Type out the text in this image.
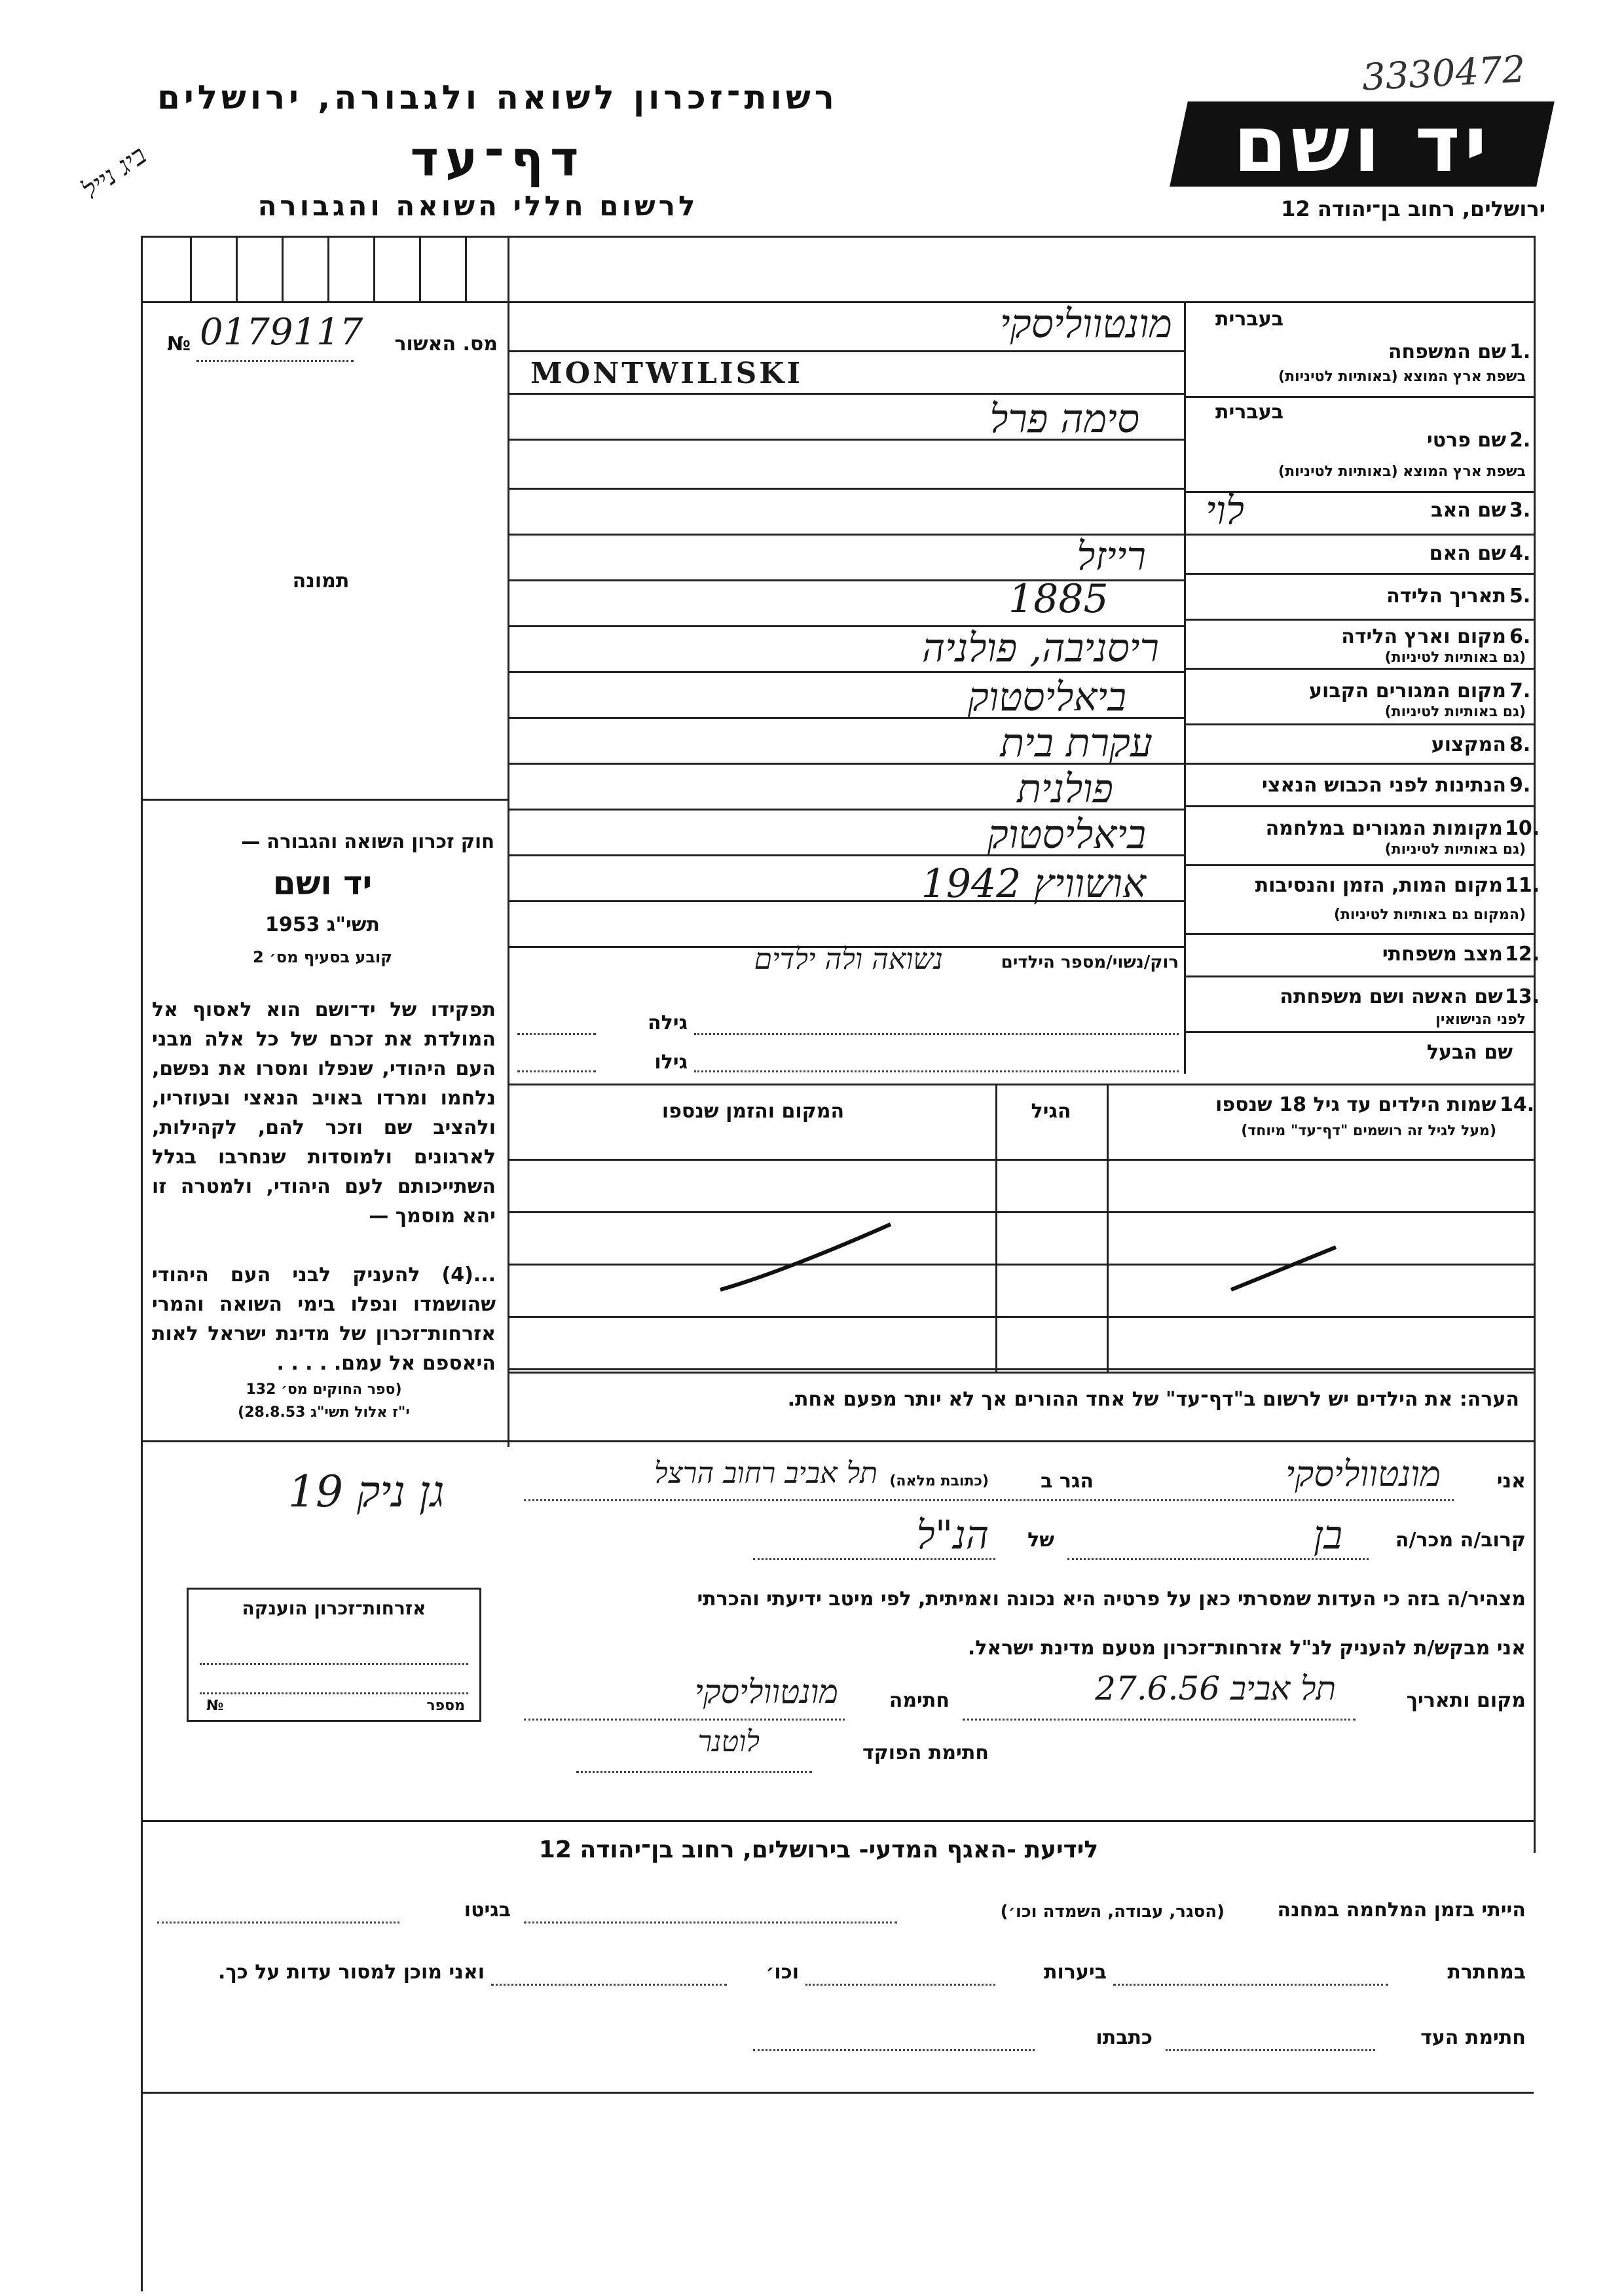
3330472
ביג נייל
רשות־זכרון לשואה ולגבורה, ירושלים
דף־עד
לרשום חללי השואה והגבורה
יד ושם
ירושלים, רחוב בן־יהודה 12
מס. האשור
№ 0179117
תמונה
חוק זכרון השואה והגבורה —
יד ושם
תשי"ג 1953
קובע בסעיף מס׳ 2
תפקידו של יד־ושם הוא לאסוף אל המולדת את זכרם של כל אלה מבני העם היהודי, שנפלו ומסרו את נפשם, נלחמו ומרדו באויב הנאצי ובעוזריו, ולהציב שם וזכר להם, לקהילות, לארגונים ולמוסדות שנחרבו בגלל השתייכותם לעם היהודי, ולמטרה זו יהא מוסמך —
...(4) להעניק לבני העם היהודי שהושמדו ונפלו בימי השואה והמרי אזרחות־זכרון של מדינת ישראל לאות היאספם אל עמם. . . . .
(ספר החוקים מס׳ 132
י"ז אלול תשי"ג 28.8.53)
19 גן ניק
אזרחות־זכרון הוענקה
מספר
№
בעברית
1.
שם המשפחה
בשפת ארץ המוצא (באותיות לטיניות)
מונטווליסקי
MONTWILISKI
בעברית
2.
שם פרטי
בשפת ארץ המוצא (באותיות לטיניות)
סימה פרל
3.
שם האב
לוי
4.
שם האם
רייזל
5.
תאריך הלידה
1885
6.
מקום וארץ הלידה
(גם באותיות לטיניות)
ריסניבה, פולניה
7.
מקום המגורים הקבוע
(גם באותיות לטיניות)
ביאליסטוק
8.
המקצוע
עקרת בית
9.
הנתינות לפני הכבוש הנאצי
פולנית
10.
מקומות המגורים במלחמה
(גם באותיות לטיניות)
ביאליסטוק
11.
מקום המות, הזמן והנסיבות
(המקום גם באותיות לטיניות)
אושוויץ 1942
12.
מצב משפחתי
רוק/נשוי/מספר הילדים
נשואה ולה ילדים
13.
שם האשה ושם משפחתה
לפני הנישואין
גילה
שם הבעל
גילו
14.
שמות הילדים עד גיל 18 שנספו
(מעל לגיל זה רושמים "דף־עד" מיוחד)
הגיל
המקום והזמן שנספו
הערה: את הילדים יש לרשום ב"דף־עד" של אחד ההורים אך לא יותר מפעם אחת.
אני
מונטווליסקי
הגר ב
(כתובת מלאה)
תל אביב רחוב הרצל
קרוב/ה מכר/ה
בן
של
הנ"ל
מצהיר/ה בזה כי העדות שמסרתי כאן על פרטיה היא נכונה ואמיתית, לפי מיטב ידיעתי והכרתי
אני מבקש/ת להעניק לנ"ל אזרחות־זכרון מטעם מדינת ישראל.
מקום ותאריך
תל אביב 27.6.56
חתימה
מונטווליסקי
חתימת הפוקד
לוטנר
לידיעת -האגף המדעי- בירושלים, רחוב בן־יהודה 12
הייתי בזמן המלחמה במחנה
(הסגר, עבודה, השמדה וכו׳)
בגיטו
במחתרת
ביערות
וכו׳
ואני מוכן למסור עדות על כך.
חתימת העד
כתבתו
